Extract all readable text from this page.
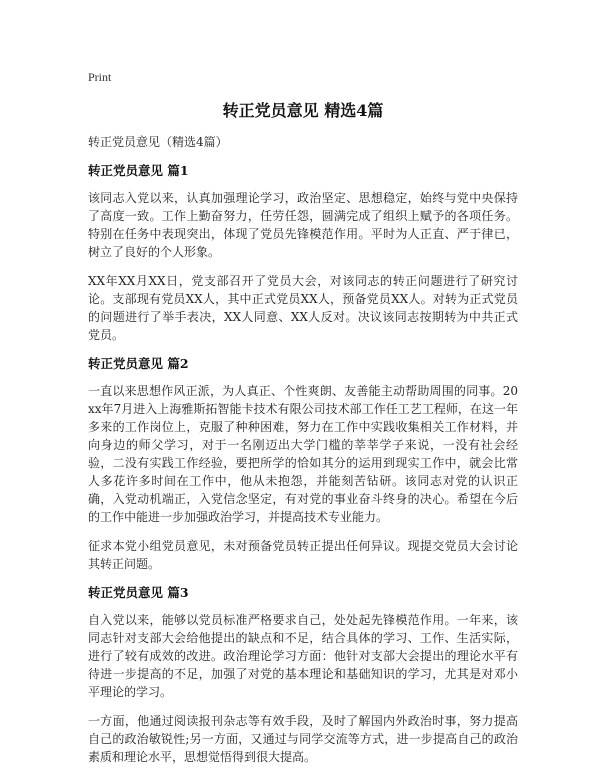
Print
转正党员意见 精选4篇
转正党员意见（精选4篇）
转正党员意见 篇1
该同志入党以来，认真加强理论学习，政治坚定、思想稳定，始终与党中央保持了高度一致。工作上勤奋努力，任劳任怨，圆满完成了组织上赋予的各项任务。特别在任务中表现突出，体现了党员先锋模范作用。平时为人正直、严于律已，树立了良好的个人形象。
XX年XX月XX日，党支部召开了党员大会，对该同志的转正问题进行了研究讨论。支部现有党员XX人，其中正式党员XX人，预备党员XX人。对转为正式党员的问题进行了举手表决，XX人同意、XX人反对。决议该同志按期转为中共正式党员。
转正党员意见 篇2
一直以来思想作风正派，为人真正、个性爽朗、友善能主动帮助周围的同事。20xx年7月进入上海雅斯拓智能卡技术有限公司技术部工作任工艺工程师，在这一年多来的工作岗位上，克服了种种困难，努力在工作中实践收集相关工作材料，并向身边的师父学习，对于一名刚迈出大学门槛的莘莘学子来说，一没有社会经验，二没有实践工作经验，要把所学的恰如其分的运用到现实工作中，就会比常人多花许多时间在工作中，他从未抱怨，并能刻苦钻研。该同志对党的认识正确，入党动机端正，入党信念坚定，有对党的事业奋斗终身的决心。希望在今后的工作中能进一步加强政治学习，并提高技术专业能力。
征求本党小组党员意见，未对预备党员转正提出任何异议。现提交党员大会讨论其转正问题。
转正党员意见 篇3
自入党以来，能够以党员标准严格要求自己，处处起先锋模范作用。一年来，该同志针对支部大会给他提出的缺点和不足，结合具体的学习、工作、生活实际，进行了较有成效的改进。政治理论学习方面：他针对支部大会提出的理论水平有待进一步提高的不足，加强了对党的基本理论和基础知识的学习，尤其是对邓小平理论的学习。
一方面，他通过阅读报刊杂志等有效手段，及时了解国内外政治时事，努力提高自己的政治敏锐性;另一方面，又通过与同学交流等方式，进一步提高自己的政治素质和理论水平，思想觉悟得到很大提高。
